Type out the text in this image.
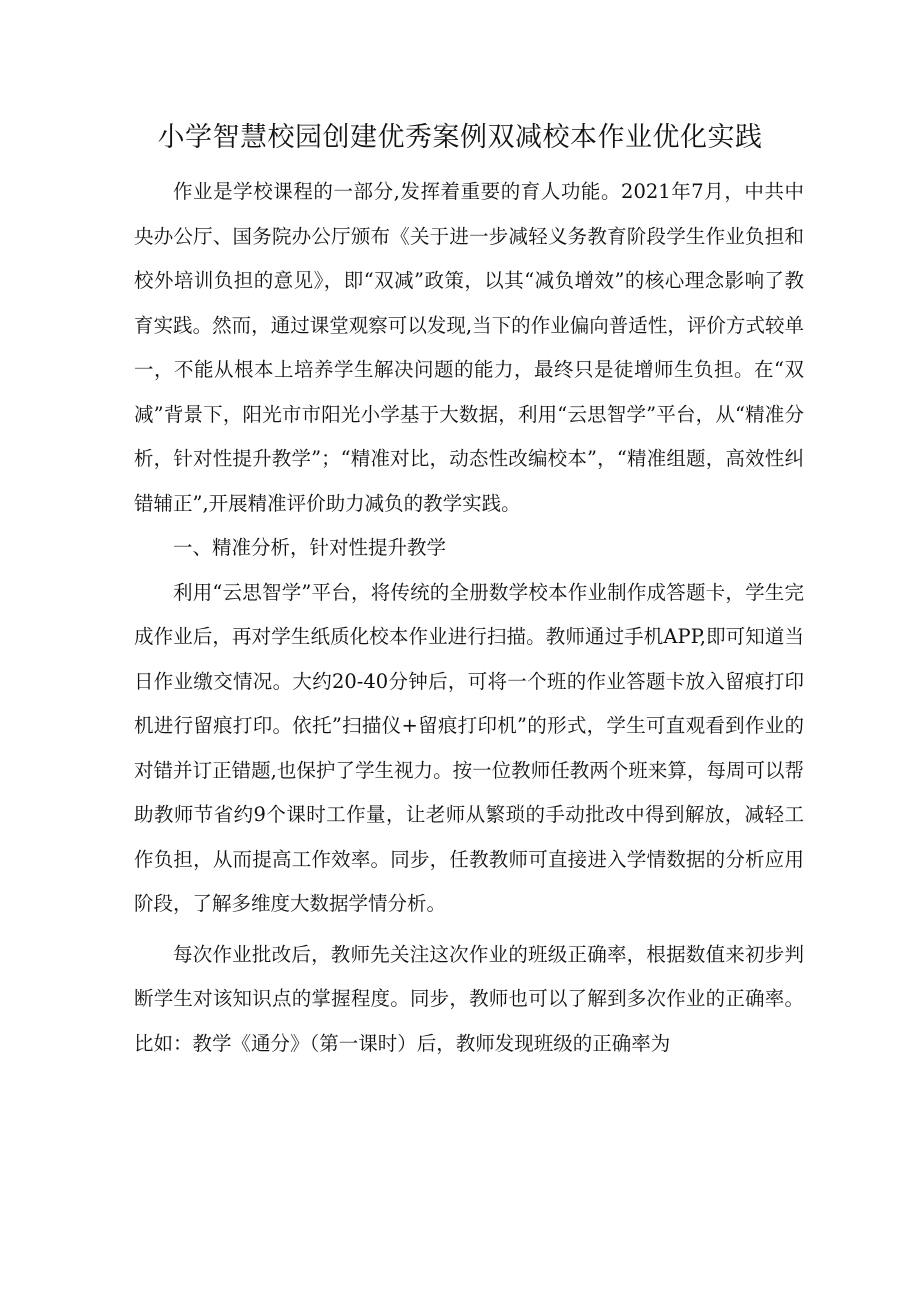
小学智慧校园创建优秀案例双减校本作业优化实践

作业是学校课程的一部分,发挥着重要的育人功能。2021年7月，中共中央办公厅、国务院办公厅颁布《关于进一步减轻义务教育阶段学生作业负担和校外培训负担的意见》，即“双减”政策，以其“减负增效”的核心理念影响了教育实践。然而，通过课堂观察可以发现,当下的作业偏向普适性，评价方式较单一，不能从根本上培养学生解决问题的能力，最终只是徒增师生负担。在“双减”背景下，阳光市市阳光小学基于大数据，利用“云思智学”平台，从“精准分析，针对性提升教学”；“精准对比，动态性改编校本”，“精准组题，高效性纠错辅正”,开展精准评价助力减负的教学实践。

一、精准分析，针对性提升教学

利用“云思智学”平台，将传统的全册数学校本作业制作成答题卡，学生完成作业后，再对学生纸质化校本作业进行扫描。教师通过手机APP,即可知道当日作业缴交情况。大约20-40分钟后，可将一个班的作业答题卡放入留痕打印机进行留痕打印。依托”扫描仪+留痕打印机”的形式，学生可直观看到作业的对错并订正错题,也保护了学生视力。按一位教师任教两个班来算，每周可以帮助教师节省约9个课时工作量，让老师从繁琐的手动批改中得到解放，减轻工作负担，从而提高工作效率。同步，任教教师可直接进入学情数据的分析应用阶段，了解多维度大数据学情分析。

每次作业批改后，教师先关注这次作业的班级正确率，根据数值来初步判断学生对该知识点的掌握程度。同步，教师也可以了解到多次作业的正确率。比如：教学《通分》（第一课时）后，教师发现班级的正确率为
